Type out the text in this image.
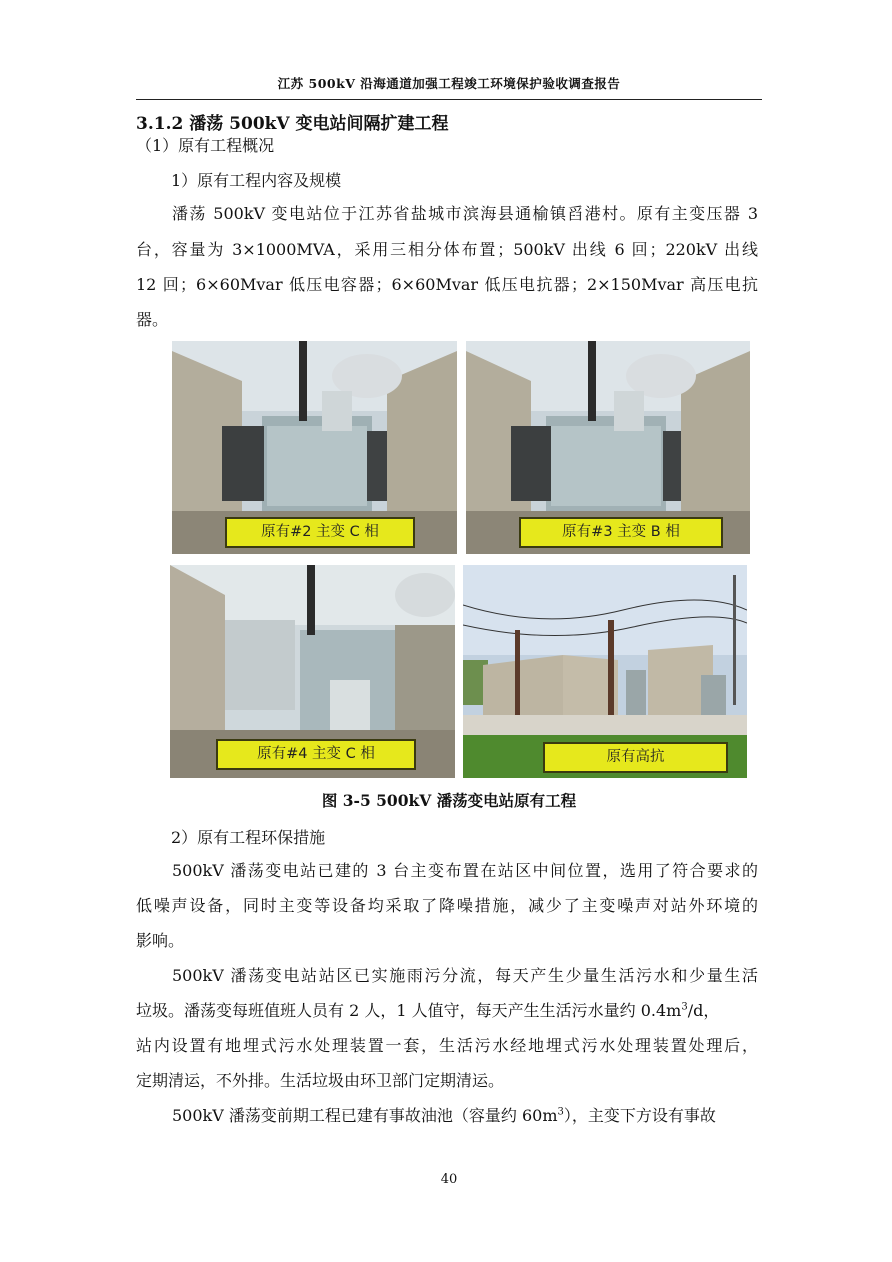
江苏 500kV 沿海通道加强工程竣工环境保护验收调查报告
3.1.2 潘荡 500kV 变电站间隔扩建工程
（1）原有工程概况
1）原有工程内容及规模
潘荡 500kV 变电站位于江苏省盐城市滨海县通榆镇舀港村。原有主变压器 3
台，容量为 3×1000MVA，采用三相分体布置；500kV 出线 6 回；220kV 出线
12 回；6×60Mvar 低压电容器；6×60Mvar 低压电抗器；2×150Mvar 高压电抗
器。
原有#2 主变 C 相	原有#3 主变 B 相
原有#4 主变 C 相	原有高抗
图 3-5 500kV 潘荡变电站原有工程
2）原有工程环保措施
500kV 潘荡变电站已建的 3 台主变布置在站区中间位置，选用了符合要求的
低噪声设备，同时主变等设备均采取了降噪措施，减少了主变噪声对站外环境的
影响。
500kV 潘荡变电站站区已实施雨污分流，每天产生少量生活污水和少量生活
垃圾。潘荡变每班值班人员有 2 人，1 人值守，每天产生生活污水量约 $0.4m^3/d$，
站内设置有地埋式污水处理装置一套，生活污水经地埋式污水处理装置处理后，
定期清运，不外排。生活垃圾由环卫部门定期清运。
500kV 潘荡变前期工程已建有事故油池（容量约 $60m^3$），主变下方设有事故
40
